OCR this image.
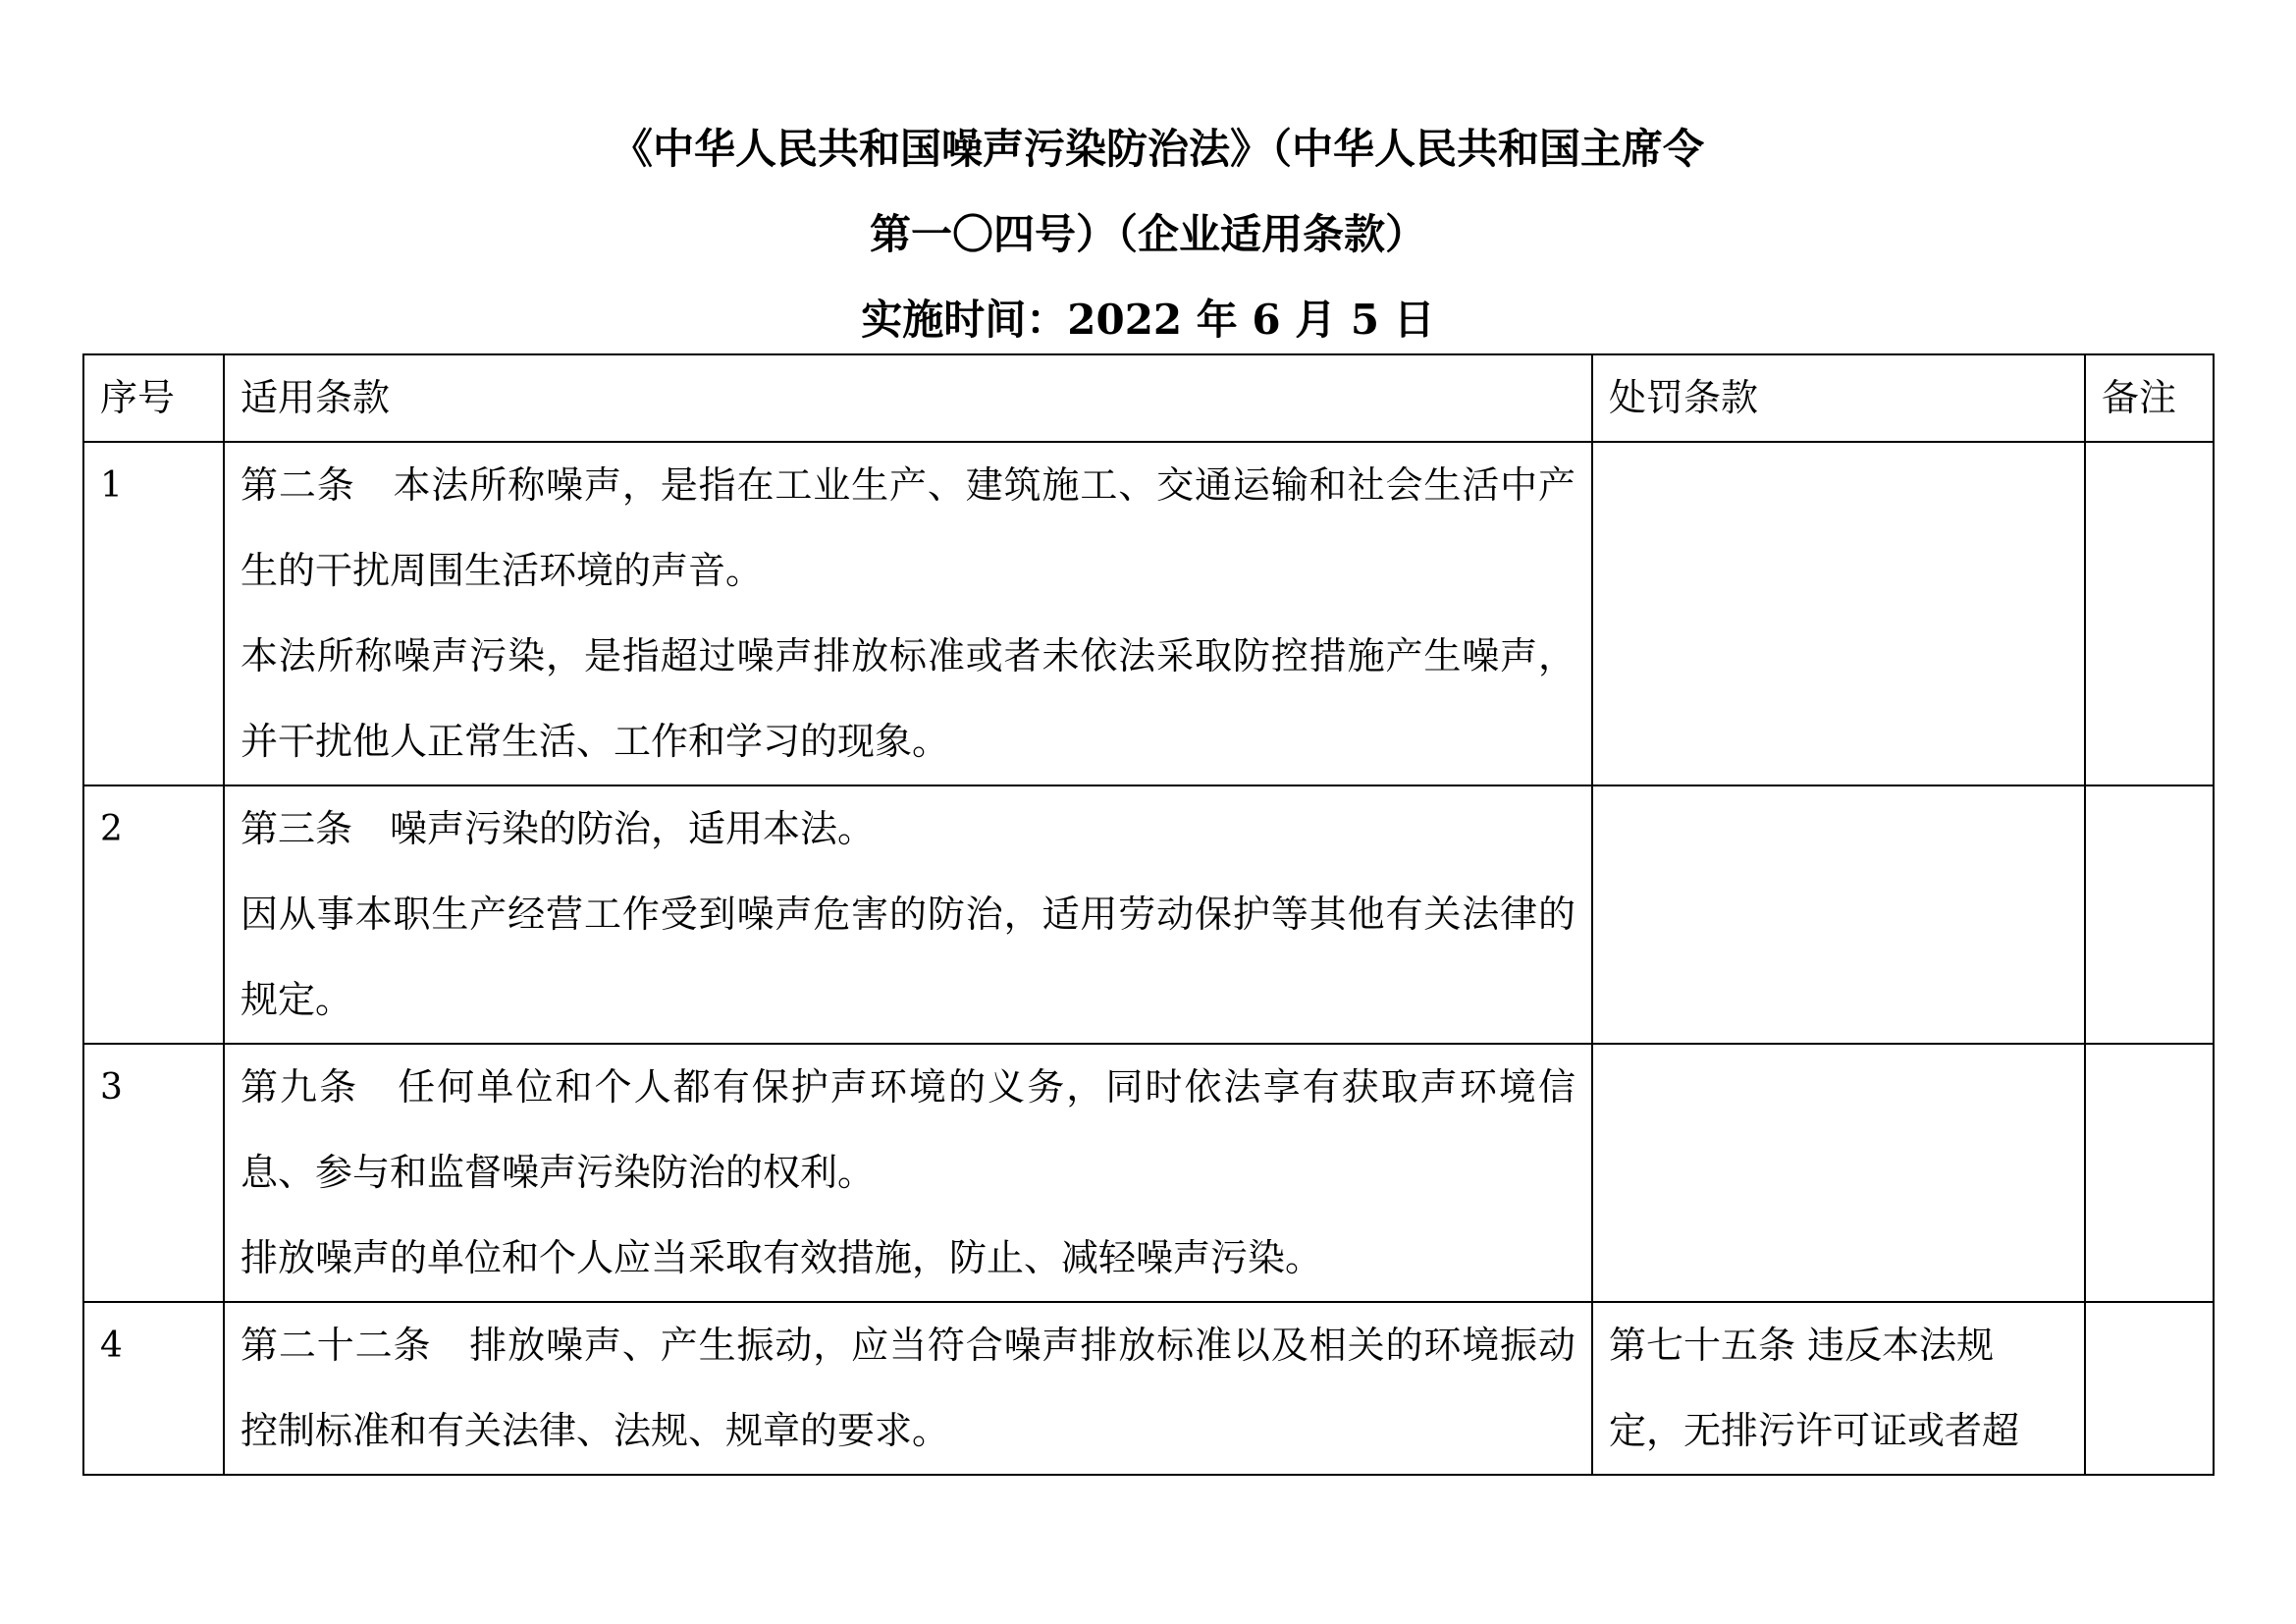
《中华人民共和国噪声污染防治法》（中华人民共和国主席令
第一〇四号）（企业适用条款）
实施时间：2022 年 6 月 5 日
序号	适用条款	处罚条款	备注
1	第二条　本法所称噪声，是指在工业生产、建筑施工、交通运输和社会生活中产生的干扰周围生活环境的声音。
本法所称噪声污染，是指超过噪声排放标准或者未依法采取防控措施产生噪声，并干扰他人正常生活、工作和学习的现象。		

2	第三条　噪声污染的防治，适用本法。
因从事本职生产经营工作受到噪声危害的防治，适用劳动保护等其他有关法律的规定。		

3	第九条　任何单位和个人都有保护声环境的义务，同时依法享有获取声环境信息、参与和监督噪声污染防治的权利。
排放噪声的单位和个人应当采取有效措施，防止、减轻噪声污染。		

4	第二十二条　排放噪声、产生振动，应当符合噪声排放标准以及相关的环境振动控制标准和有关法律、法规、规章的要求。	第七十五条 违反本法规定，无排污许可证或者超	
